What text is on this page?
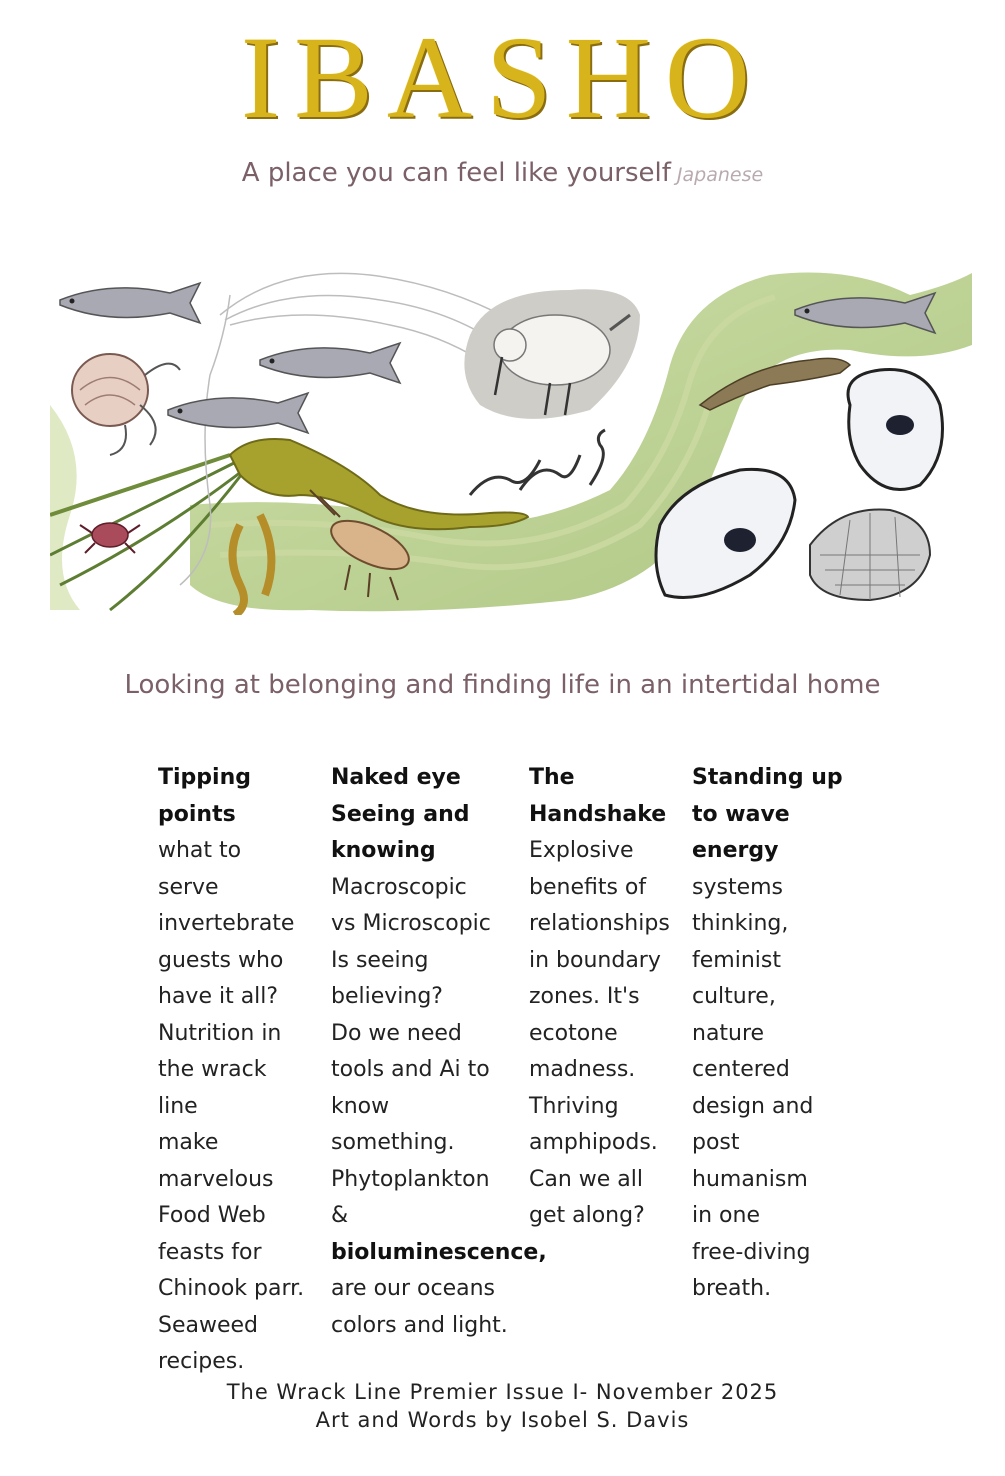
IBASHO
A place you can feel like yourself Japanese
Looking at belonging and finding life in an intertidal home

Tipping
points

what to serve
invertebrate
guests who
have it all?
Nutrition in
the wrack line
make
marvelous
Food Web
feasts for
Chinook parr.
Seaweed
recipes.

Naked eye
Seeing and
knowing

Macroscopic
vs Microscopic
Is seeing
believing?
Do we need
tools and Ai to
know something.
Phytoplankton &

bioluminescence,

are our oceans
colors and light.

The
Handshake

Explosive
benefits of
relationships
in boundary
zones. It's
ecotone
madness.
Thriving
amphipods.
Can we all
get along?

Standing up
to wave
energy

systems
thinking,
feminist
culture,
nature
centered
design and
post humanism
in one
free-diving
breath.

The Wrack Line Premier Issue I- November 2025
Art and Words by Isobel S. Davis
